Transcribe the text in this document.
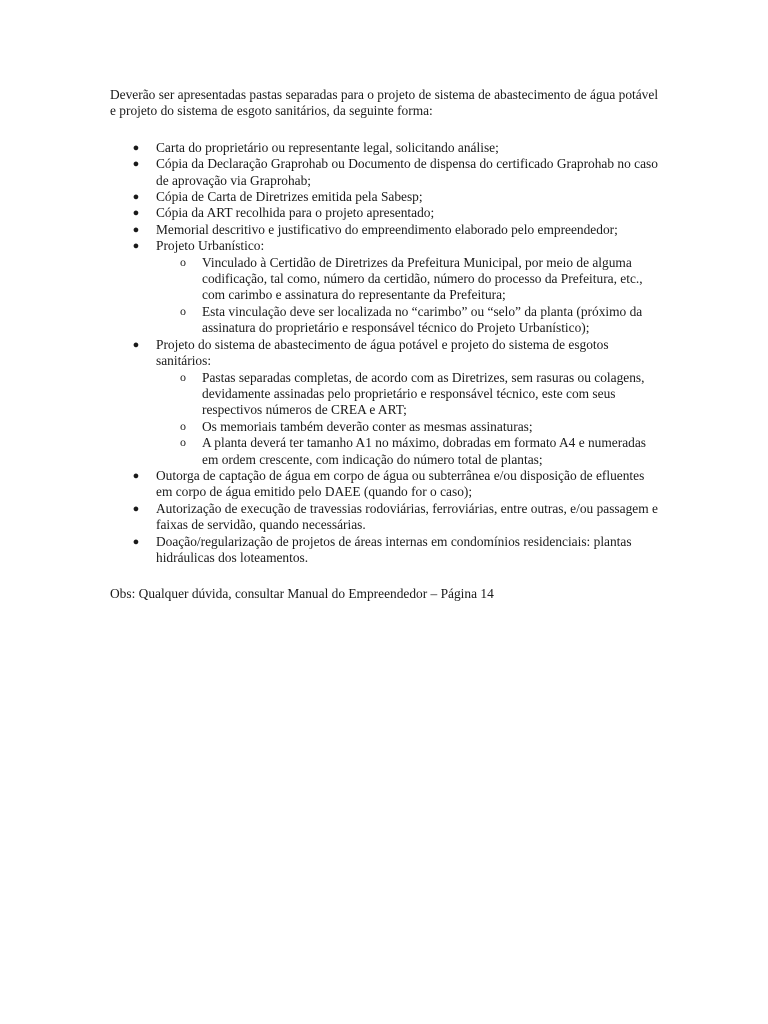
Deverão ser apresentadas pastas separadas para o projeto de sistema de abastecimento de água potável e projeto do sistema de esgoto sanitários, da seguinte forma:

● Carta do proprietário ou representante legal, solicitando análise;
● Cópia da Declaração Graprohab ou Documento de dispensa do certificado Graprohab no caso de aprovação via Graprohab;
● Cópia de Carta de Diretrizes emitida pela Sabesp;
● Cópia da ART recolhida para o projeto apresentado;
● Memorial descritivo e justificativo do empreendimento elaborado pelo empreendedor;
● Projeto Urbanístico:
o Vinculado à Certidão de Diretrizes da Prefeitura Municipal, por meio de alguma codificação, tal como, número da certidão, número do processo da Prefeitura, etc., com carimbo e assinatura do representante da Prefeitura;
o Esta vinculação deve ser localizada no “carimbo” ou “selo” da planta (próximo da assinatura do proprietário e responsável técnico do Projeto Urbanístico);
● Projeto do sistema de abastecimento de água potável e projeto do sistema de esgotos sanitários:
o Pastas separadas completas, de acordo com as Diretrizes, sem rasuras ou colagens, devidamente assinadas pelo proprietário e responsável técnico, este com seus respectivos números de CREA e ART;
o Os memoriais também deverão conter as mesmas assinaturas;
o A planta deverá ter tamanho A1 no máximo, dobradas em formato A4 e numeradas em ordem crescente, com indicação do número total de plantas;
● Outorga de captação de água em corpo de água ou subterrânea e/ou disposição de efluentes em corpo de água emitido pelo DAEE (quando for o caso);
● Autorização de execução de travessias rodoviárias, ferroviárias, entre outras, e/ou passagem e faixas de servidão, quando necessárias.
● Doação/regularização de projetos de áreas internas em condomínios residenciais: plantas hidráulicas dos loteamentos.

Obs: Qualquer dúvida, consultar Manual do Empreendedor – Página 14
